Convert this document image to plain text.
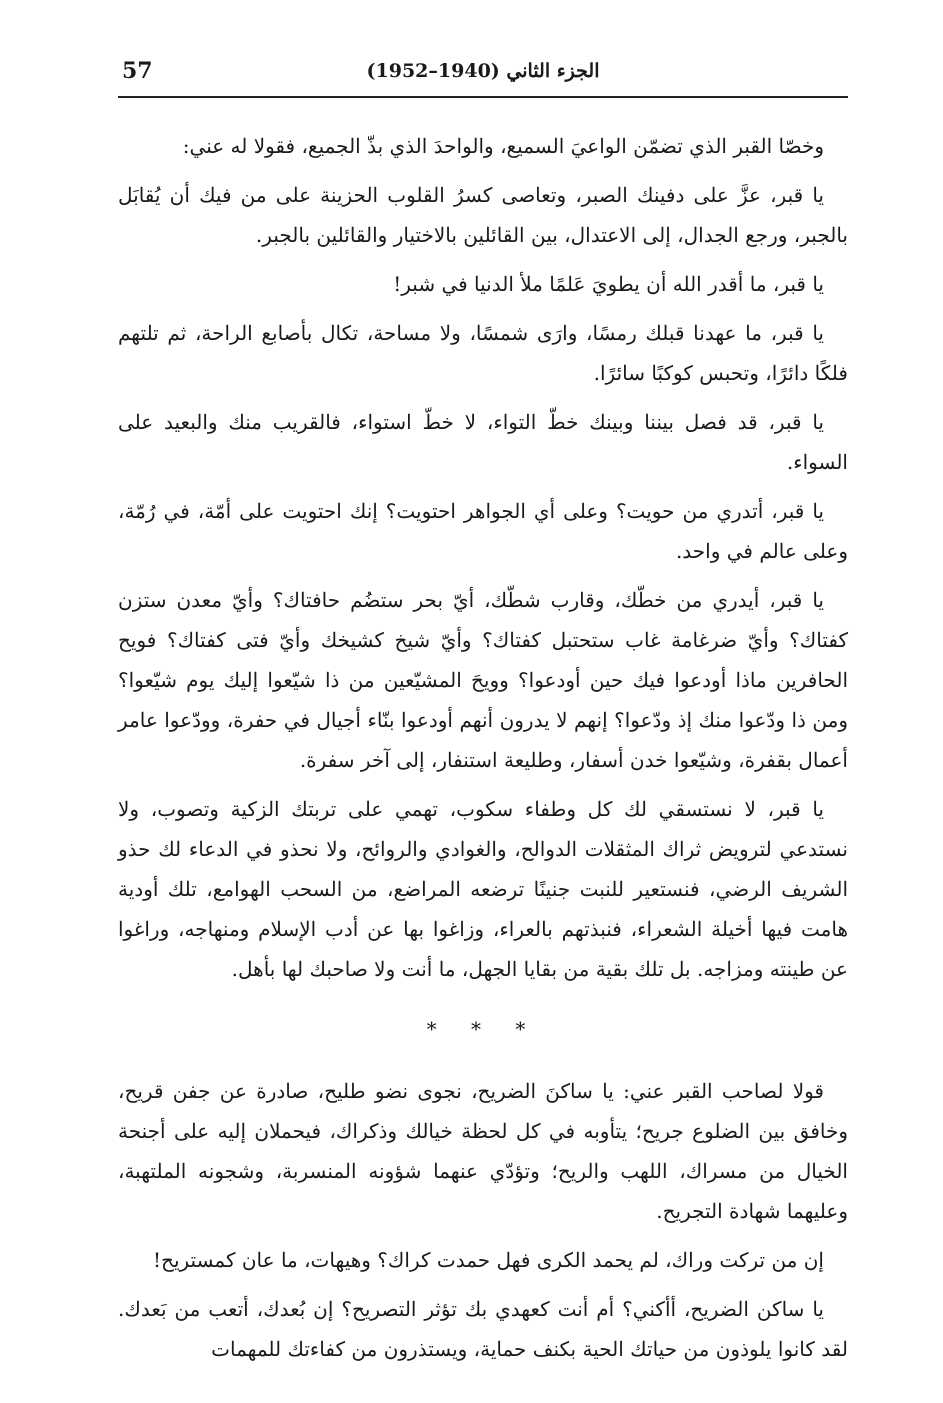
57	الجزء الثاني (1940–1952)

وخصّا القبر الذي تضمّن الواعيَ السميع، والواحدَ الذي بذّ الجميع، فقولا له عني:

يا قبر، عزَّ على دفينك الصبر، وتعاصى كسرُ القلوب الحزينة على من فيك أن يُقابَل بالجبر، ورجع الجدال، إلى الاعتدال، بين القائلين بالاختيار والقائلين بالجبر.

يا قبر، ما أقدر الله أن يطويَ عَلمًا ملأ الدنيا في شبر!

يا قبر، ما عهدنا قبلك رمسًا، وارَى شمسًا، ولا مساحة، تكال بأصابع الراحة، ثم تلتهم فلكًا دائرًا، وتحبس كوكبًا سائرًا.

يا قبر، قد فصل بيننا وبينك خطّ التواء، لا خطّ استواء، فالقريب منك والبعيد على السواء.

يا قبر، أتدري من حويت؟ وعلى أي الجواهر احتويت؟ إنك احتويت على أمّة، في رُمّة، وعلى عالم في واحد.

يا قبر، أيدري من خطّك، وقارب شطّك، أيّ بحر ستضُم حافتاك؟ وأيّ معدن ستزن كفتاك؟ وأيّ ضرغامة غاب ستحتبل كفتاك؟ وأيّ شيخ كشيخك وأيّ فتى كفتاك؟ فويح الحافرين ماذا أودعوا فيك حين أودعوا؟ وويحَ المشيّعين من ذا شيّعوا إليك يوم شيّعوا؟ ومن ذا ودّعوا منك إذ ودّعوا؟ إنهم لا يدرون أنهم أودعوا بنّاء أجيال في حفرة، وودّعوا عامر أعمال بقفرة، وشيّعوا خدن أسفار، وطليعة استنفار، إلى آخر سفرة.

يا قبر، لا نستسقي لك كل وطفاء سكوب، تهمي على تربتك الزكية وتصوب، ولا نستدعي لترويض ثراك المثقلات الدوالح، والغوادي والروائح، ولا نحذو في الدعاء لك حذو الشريف الرضي، فنستعير للنبت جنينًا ترضعه المراضع، من السحب الهوامع، تلك أودية هامت فيها أخيلة الشعراء، فنبذتهم بالعراء، وزاغوا بها عن أدب الإسلام ومنهاجه، وراغوا عن طينته ومزاجه. بل تلك بقية من بقايا الجهل، ما أنت ولا صاحبك لها بأهل.

* * *

قولا لصاحب القبر عني: يا ساكنَ الضريح، نجوى نضو طليح، صادرة عن جفن قريح، وخافق بين الضلوع جريح؛ يتأوبه في كل لحظة خيالك وذكراك، فيحملان إليه على أجنحة الخيال من مسراك، اللهب والريح؛ وتؤدّي عنهما شؤونه المنسربة، وشجونه الملتهبة، وعليهما شهادة التجريح.

إن من تركت وراك، لم يحمد الكرى فهل حمدت كراك؟ وهيهات، ما عان كمستريح!

يا ساكن الضريح، أأكني؟ أم أنت كعهدي بك تؤثر التصريح؟ إن بُعدك، أتعب من بَعدك. لقد كانوا يلوذون من حياتك الحية بكنف حماية، ويستذرون من كفاءتك للمهمات
